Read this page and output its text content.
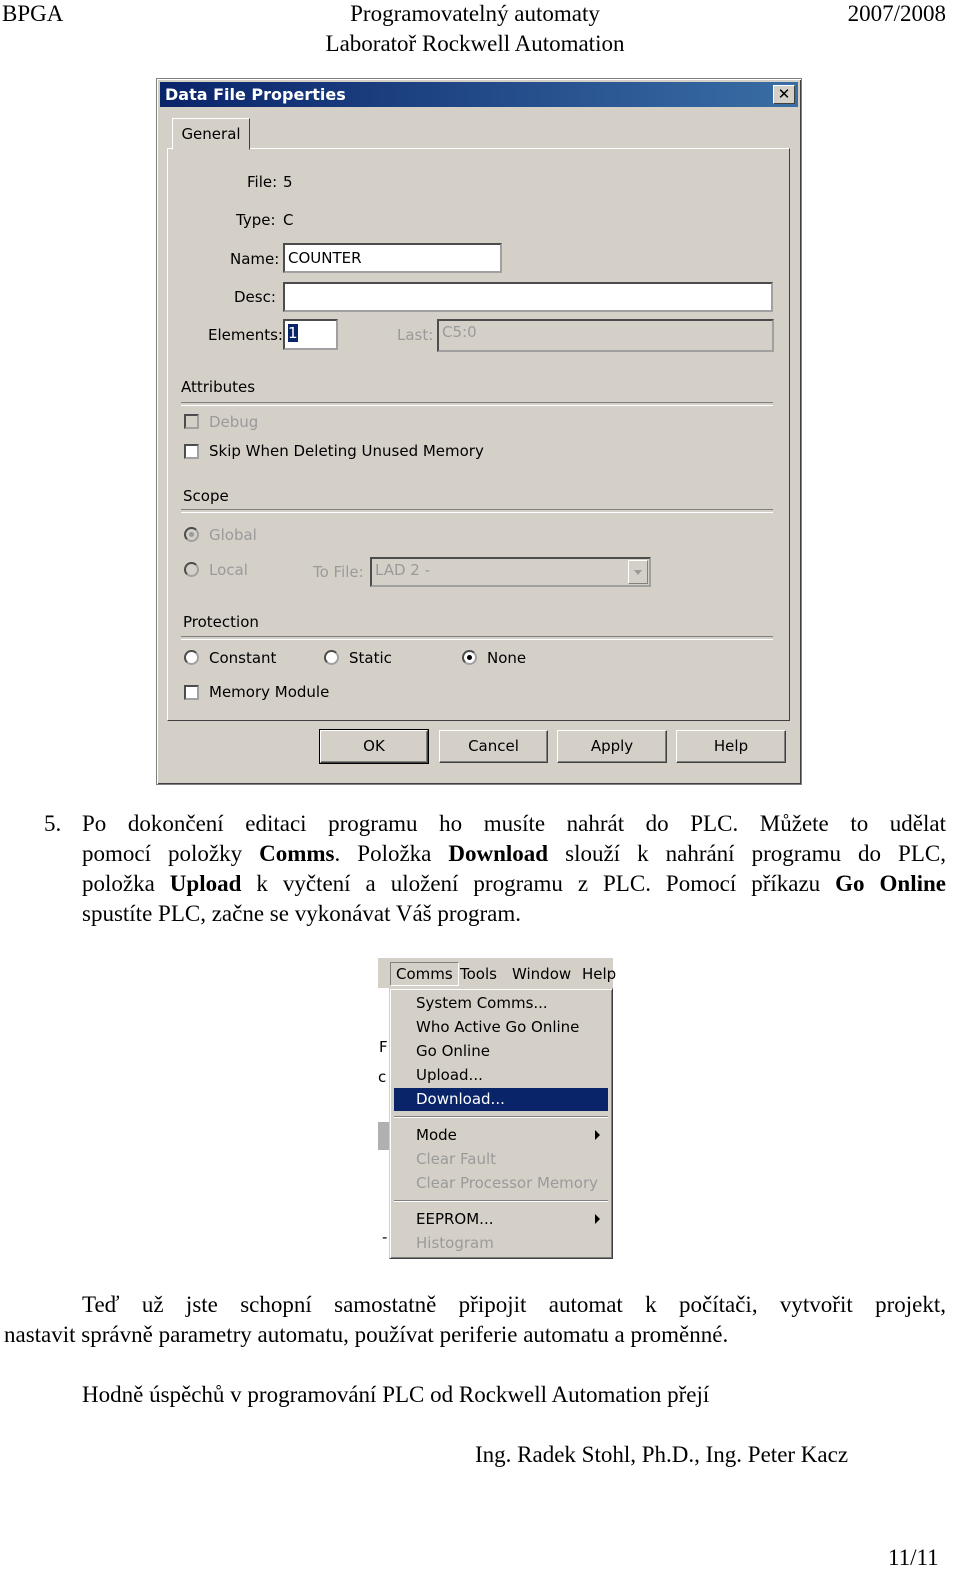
BPGA	Programovatelný automaty
Laboratoř Rockwell Automation
2007/2008
Data File Properties	✕
General
File: 5
Type: C
Name: COUNTER
Desc:
Elements: 1	Last: C5:0
Attributes
Debug
Skip When Deleting Unused Memory
Scope
Global
Local	To File: LAD 2 -
Protection
Constant	Static	None
Memory Module
OK	Cancel	Apply	Help
5. Po dokončení editaci programu ho musíte nahrát do PLC. Můžete to udělat
pomocí položky Comms. Položka Download slouží k nahrání programu do PLC,
položka Upload k vyčtení a uložení programu z PLC. Pomocí příkazu Go Online
spustíte PLC, začne se vykonávat Váš program.
Comms Tools Window Help
F
c
-
System Comms...
Who Active Go Online
Go Online
Upload...
Download...
Mode
Clear Fault
Clear Processor Memory
EEPROM...
Histogram
Teď už jste schopní samostatně připojit automat k počítači, vytvořit projekt,
nastavit správně parametry automatu, používat periferie automatu a proměnné.
Hodně úspěchů v programování PLC od Rockwell Automation přejí
Ing. Radek Stohl, Ph.D., Ing. Peter Kacz
11/11
